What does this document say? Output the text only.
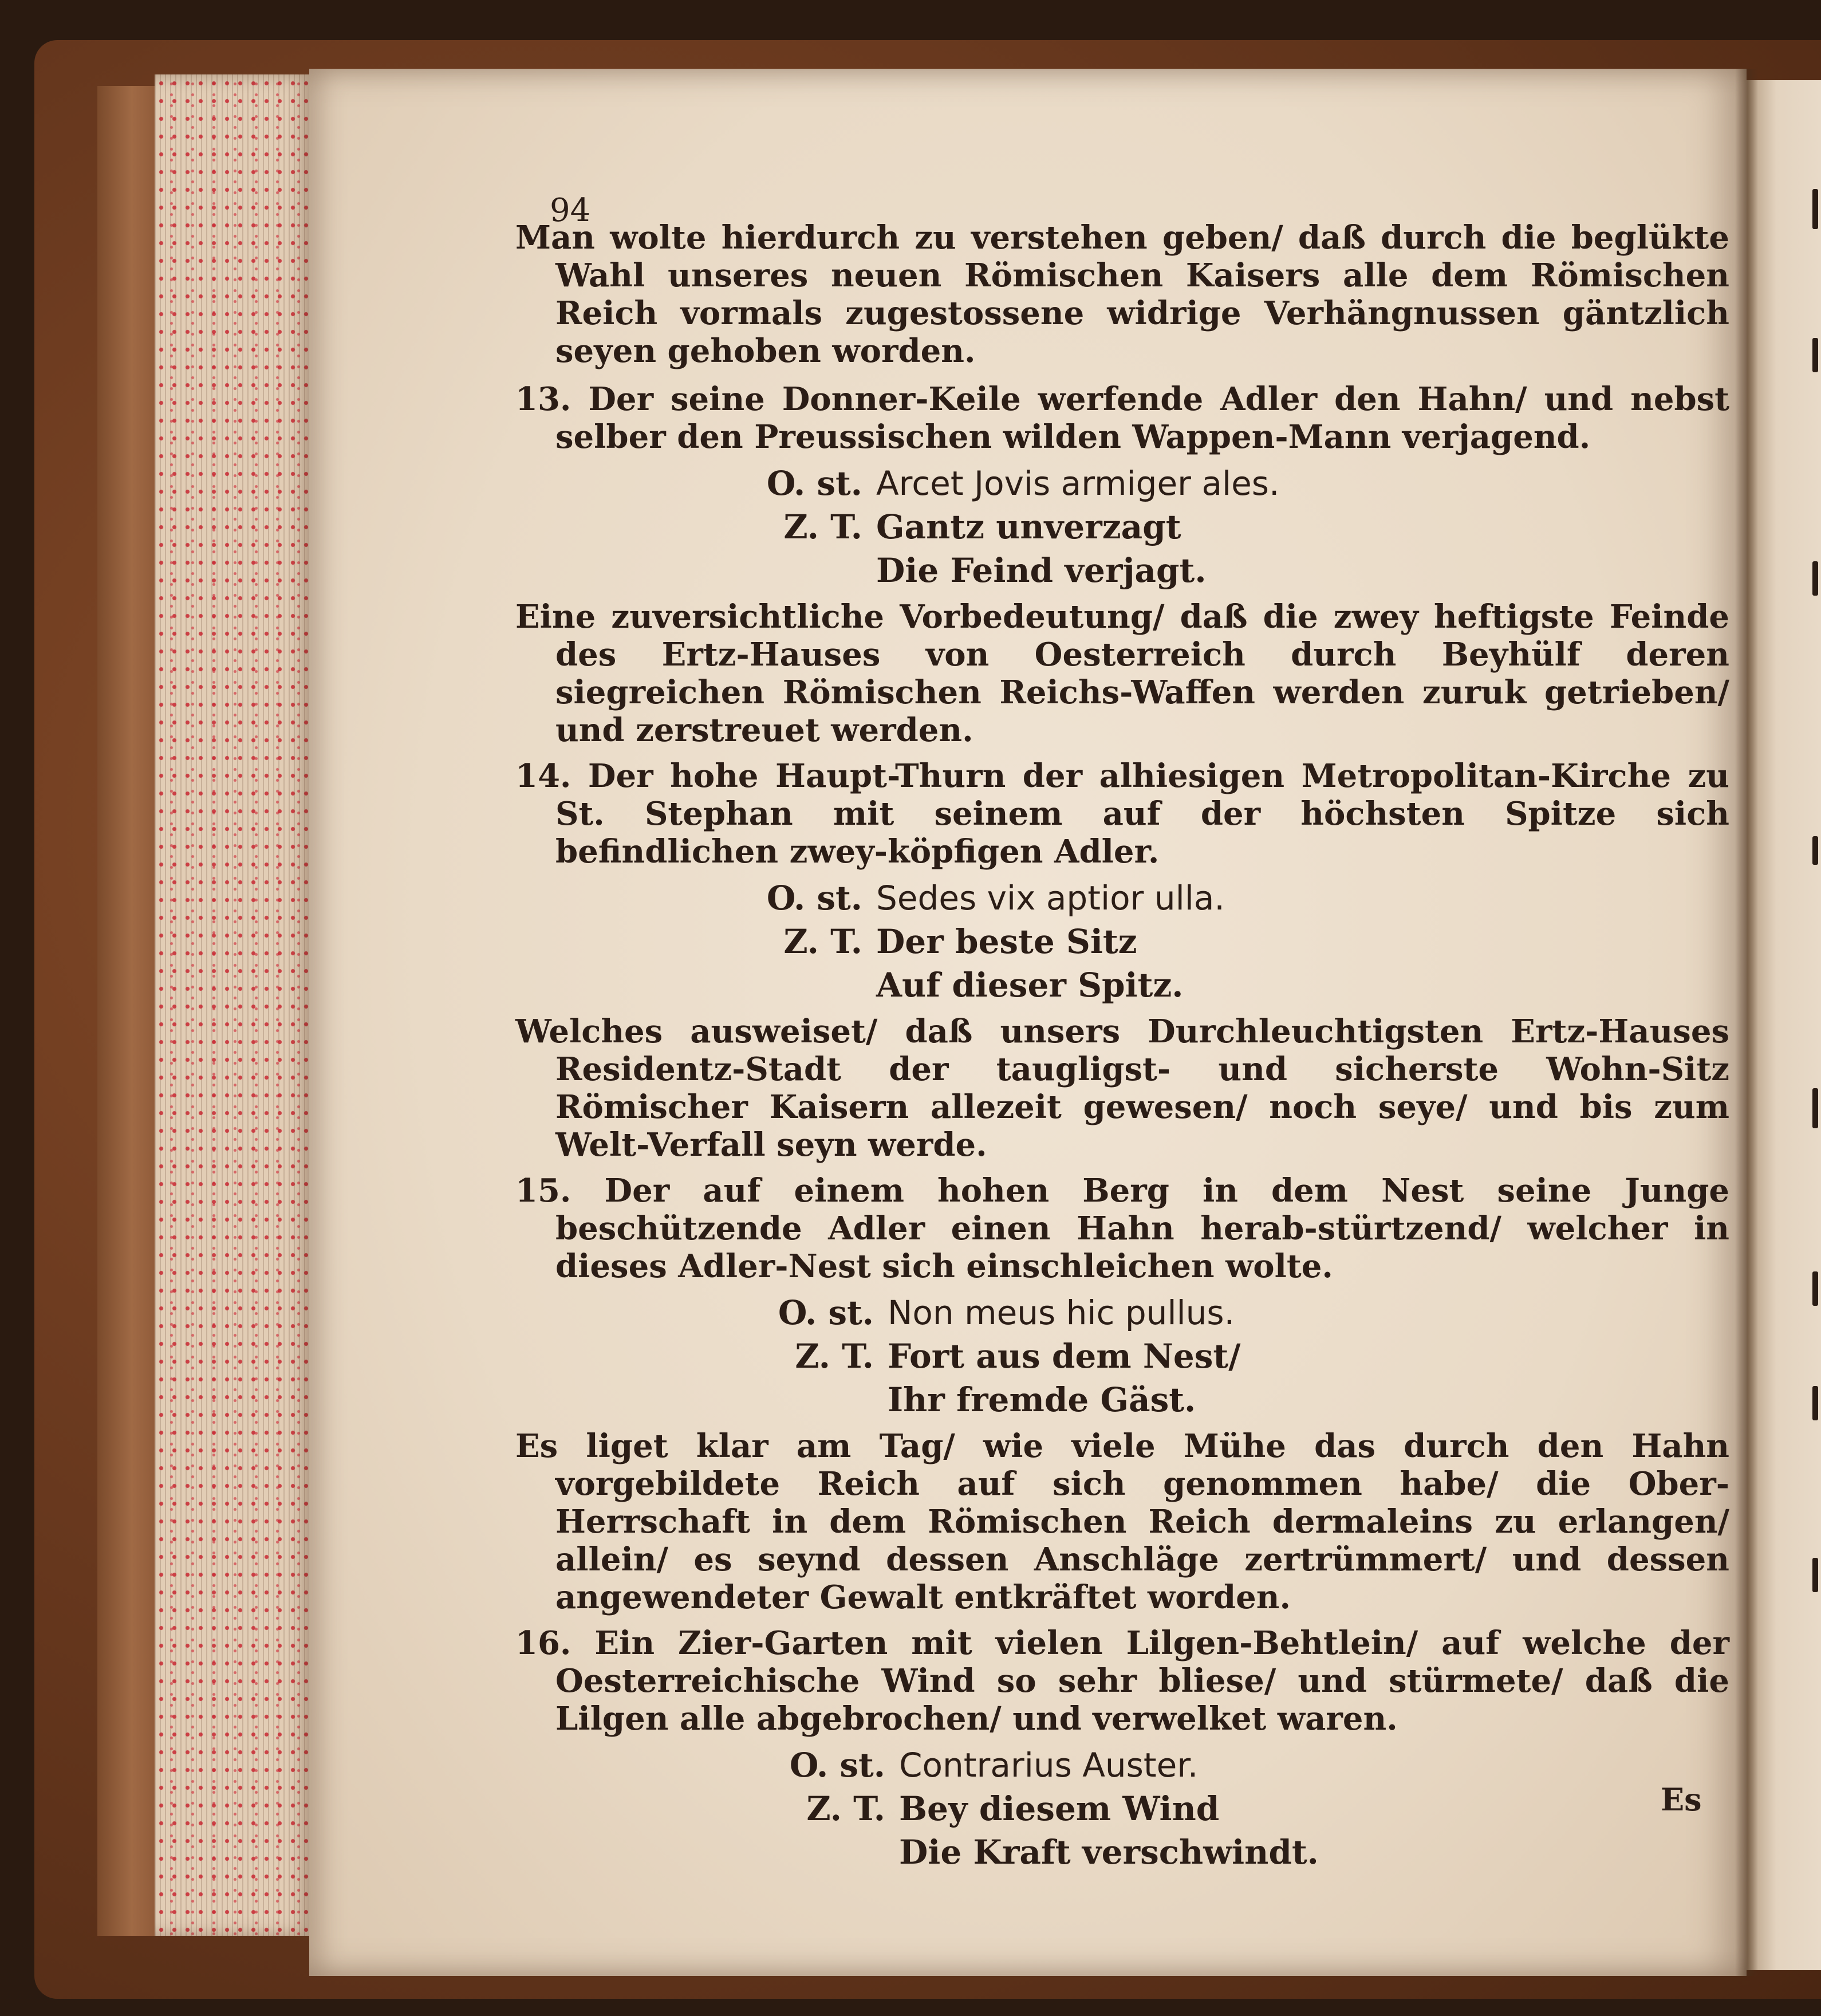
94

Man wolte hierdurch zu verstehen geben/ daß durch die beglükte Wahl unseres neuen Römischen Kaisers alle dem Römischen Reich vormals zugestossene widrige Verhängnussen gäntzlich seyen gehoben worden.

13. Der seine Donner-Keile werfende Adler den Hahn/ und nebst selber den Preussischen wilden Wappen-Mann verjagend.

O. st. Arcet Jovis armiger ales.
Z. T. Gantz unverzagt
Die Feind verjagt.

Eine zuversichtliche Vorbedeutung/ daß die zwey heftigste Feinde des Ertz-Hauses von Oesterreich durch Beyhülf deren siegreichen Römischen Reichs-Waffen werden zuruk getrieben/ und zerstreuet werden.

14. Der hohe Haupt-Thurn der alhiesigen Metropolitan-Kirche zu St. Stephan mit seinem auf der höchsten Spitze sich befindlichen zwey-köpfigen Adler.

O. st. Sedes vix aptior ulla.
Z. T. Der beste Sitz
Auf dieser Spitz.

Welches ausweiset/ daß unsers Durchleuchtigsten Ertz-Hauses Residentz-Stadt der taugligst- und sicherste Wohn-Sitz Römischer Kaisern allezeit gewesen/ noch seye/ und bis zum Welt-Verfall seyn werde.

15. Der auf einem hohen Berg in dem Nest seine Junge beschützende Adler einen Hahn herab-stürtzend/ welcher in dieses Adler-Nest sich einschleichen wolte.

O. st. Non meus hic pullus.
Z. T. Fort aus dem Nest/
Ihr fremde Gäst.

Es liget klar am Tag/ wie viele Mühe das durch den Hahn vorgebildete Reich auf sich genommen habe/ die Ober-Herrschaft in dem Römischen Reich dermaleins zu erlangen/ allein/ es seynd dessen Anschläge zertrümmert/ und dessen angewendeter Gewalt entkräftet worden.

16. Ein Zier-Garten mit vielen Lilgen-Behtlein/ auf welche der Oesterreichische Wind so sehr bliese/ und stürmete/ daß die Lilgen alle abgebrochen/ und verwelket waren.

O. st. Contrarius Auster.
Z. T. Bey diesem Wind
Die Kraft verschwindt.

Es
